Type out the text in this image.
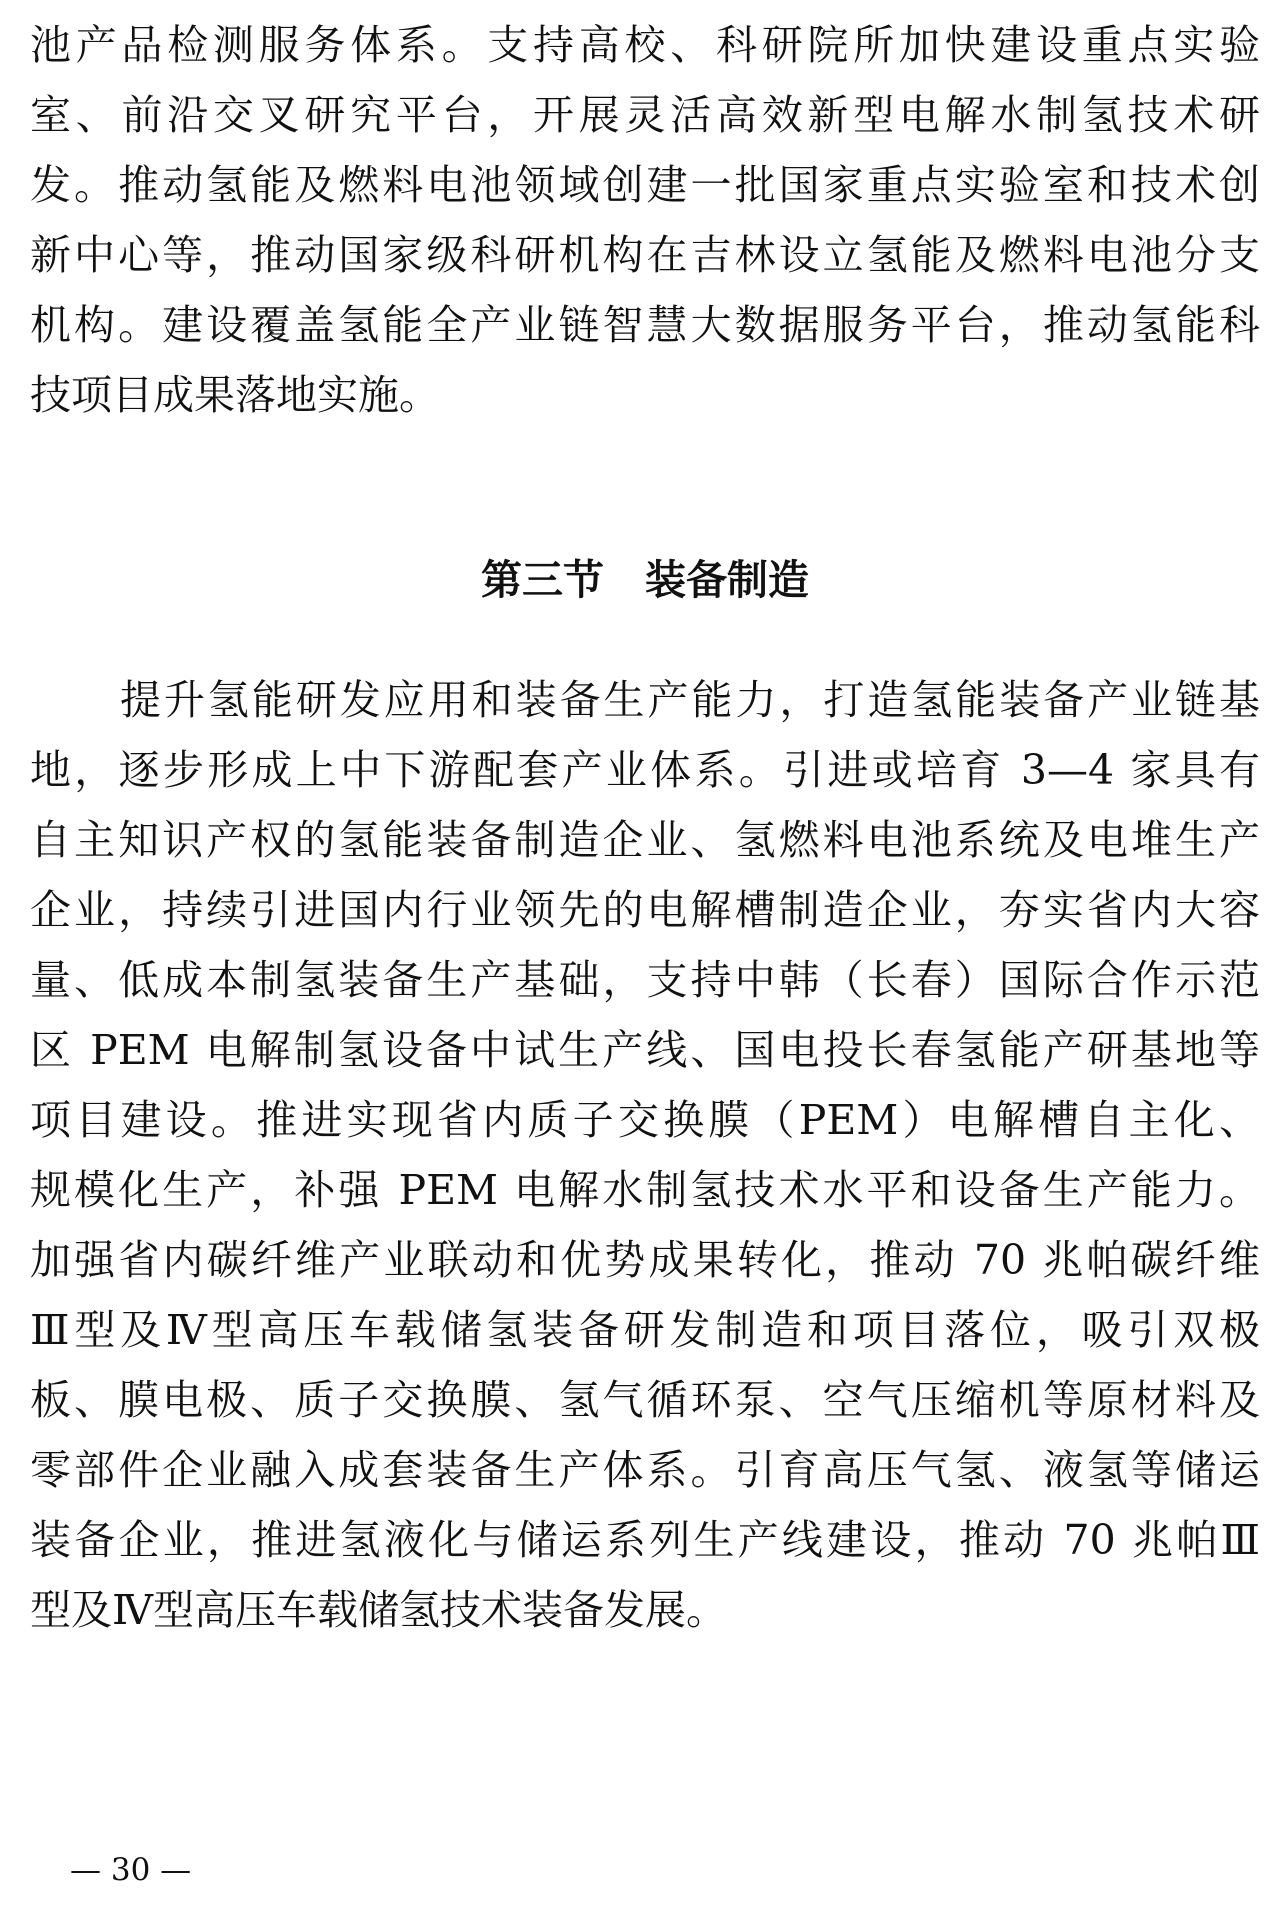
池产品检测服务体系。支持高校、科研院所加快建设重点实验
室、前沿交叉研究平台，开展灵活高效新型电解水制氢技术研
发。推动氢能及燃料电池领域创建一批国家重点实验室和技术创
新中心等，推动国家级科研机构在吉林设立氢能及燃料电池分支
机构。建设覆盖氢能全产业链智慧大数据服务平台，推动氢能科
技项目成果落地实施。
第三节　装备制造
提升氢能研发应用和装备生产能力，打造氢能装备产业链基
地，逐步形成上中下游配套产业体系。引进或培育 3—4 家具有
自主知识产权的氢能装备制造企业、氢燃料电池系统及电堆生产
企业，持续引进国内行业领先的电解槽制造企业，夯实省内大容
量、低成本制氢装备生产基础，支持中韩（长春）国际合作示范
区 PEM 电解制氢设备中试生产线、国电投长春氢能产研基地等
项目建设。推进实现省内质子交换膜（PEM）电解槽自主化、
规模化生产，补强 PEM 电解水制氢技术水平和设备生产能力。
加强省内碳纤维产业联动和优势成果转化，推动 70 兆帕碳纤维
Ⅲ型及Ⅳ型高压车载储氢装备研发制造和项目落位，吸引双极
板、膜电极、质子交换膜、氢气循环泵、空气压缩机等原材料及
零部件企业融入成套装备生产体系。引育高压气氢、液氢等储运
装备企业，推进氢液化与储运系列生产线建设，推动 70 兆帕Ⅲ
型及Ⅳ型高压车载储氢技术装备发展。
— 30 —
